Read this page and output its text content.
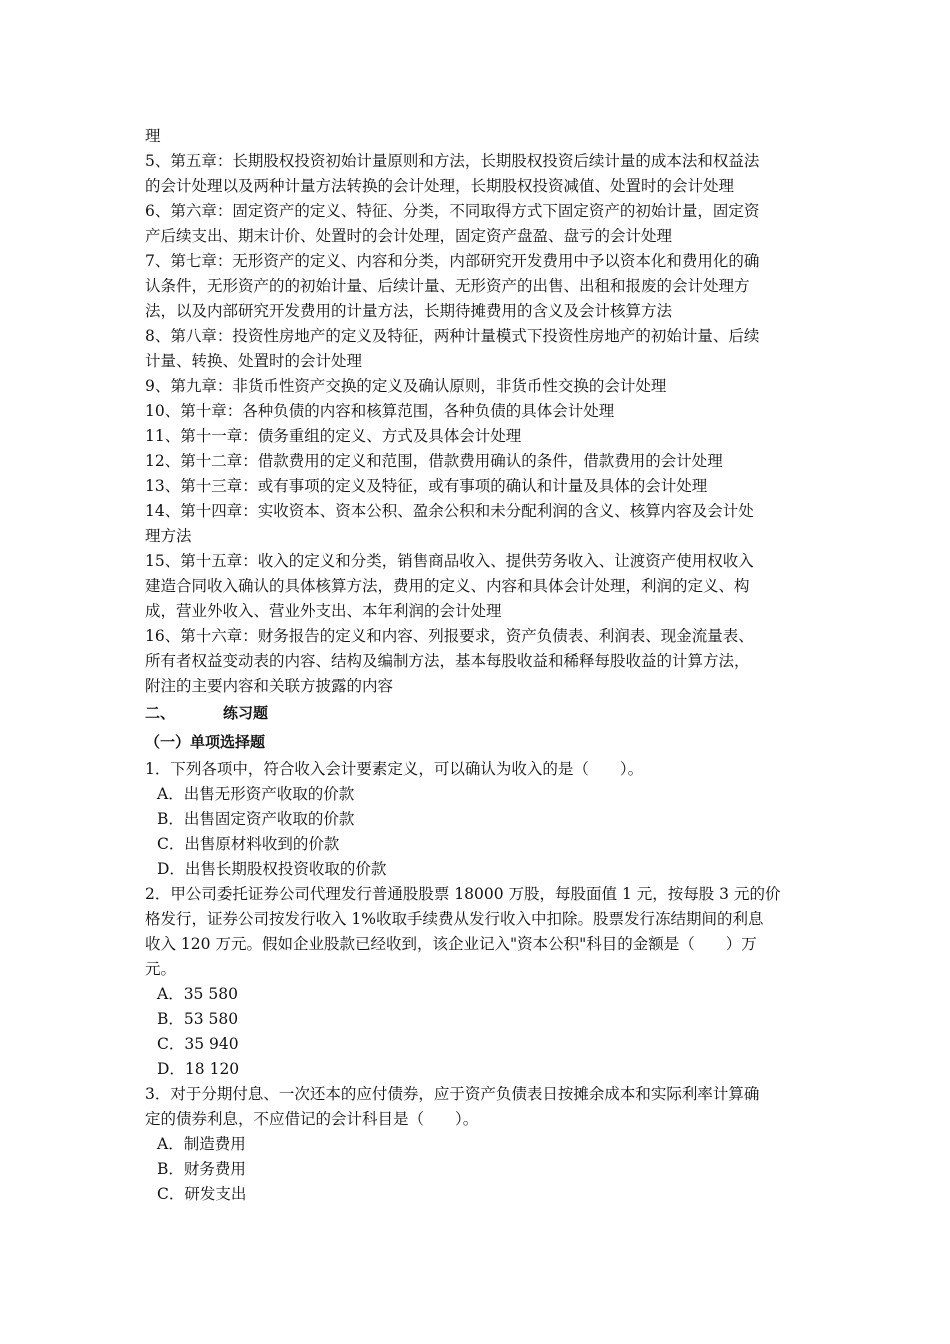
理
5、第五章：长期股权投资初始计量原则和方法，长期股权投资后续计量的成本法和权益法
的会计处理以及两种计量方法转换的会计处理，长期股权投资减值、处置时的会计处理
6、第六章：固定资产的定义、特征、分类，不同取得方式下固定资产的初始计量，固定资
产后续支出、期末计价、处置时的会计处理，固定资产盘盈、盘亏的会计处理
7、第七章：无形资产的定义、内容和分类，内部研究开发费用中予以资本化和费用化的确
认条件，无形资产的的初始计量、后续计量、无形资产的出售、出租和报废的会计处理方
法，以及内部研究开发费用的计量方法，长期待摊费用的含义及会计核算方法
8、第八章：投资性房地产的定义及特征，两种计量模式下投资性房地产的初始计量、后续
计量、转换、处置时的会计处理
9、第九章：非货币性资产交换的定义及确认原则，非货币性交换的会计处理
10、第十章：各种负债的内容和核算范围，各种负债的具体会计处理
11、第十一章：债务重组的定义、方式及具体会计处理
12、第十二章：借款费用的定义和范围，借款费用确认的条件，借款费用的会计处理
13、第十三章：或有事项的定义及特征，或有事项的确认和计量及具体的会计处理
14、第十四章：实收资本、资本公积、盈余公积和未分配利润的含义、核算内容及会计处
理方法
15、第十五章：收入的定义和分类，销售商品收入、提供劳务收入、让渡资产使用权收入
建造合同收入确认的具体核算方法，费用的定义、内容和具体会计处理，利润的定义、构
成，营业外收入、营业外支出、本年利润的会计处理
16、第十六章：财务报告的定义和内容、列报要求，资产负债表、利润表、现金流量表、
所有者权益变动表的内容、结构及编制方法，基本每股收益和稀释每股收益的计算方法，
附注的主要内容和关联方披露的内容
二、	练习题
（一）单项选择题
1．下列各项中，符合收入会计要素定义，可以确认为收入的是（　　）。
A．出售无形资产收取的价款
B．出售固定资产收取的价款
C．出售原材料收到的价款
D．出售长期股权投资收取的价款
2．甲公司委托证券公司代理发行普通股股票 18000 万股，每股面值 1 元，按每股 3 元的价
格发行，证券公司按发行收入 1%收取手续费从发行收入中扣除。股票发行冻结期间的利息
收入 120 万元。假如企业股款已经收到，该企业记入"资本公积"科目的金额是（　　）万
元。
A．35 580
B．53 580
C．35 940
D．18 120
3．对于分期付息、一次还本的应付债券，应于资产负债表日按摊余成本和实际利率计算确
定的债券利息，不应借记的会计科目是（　　）。
A．制造费用
B．财务费用
C．研发支出
